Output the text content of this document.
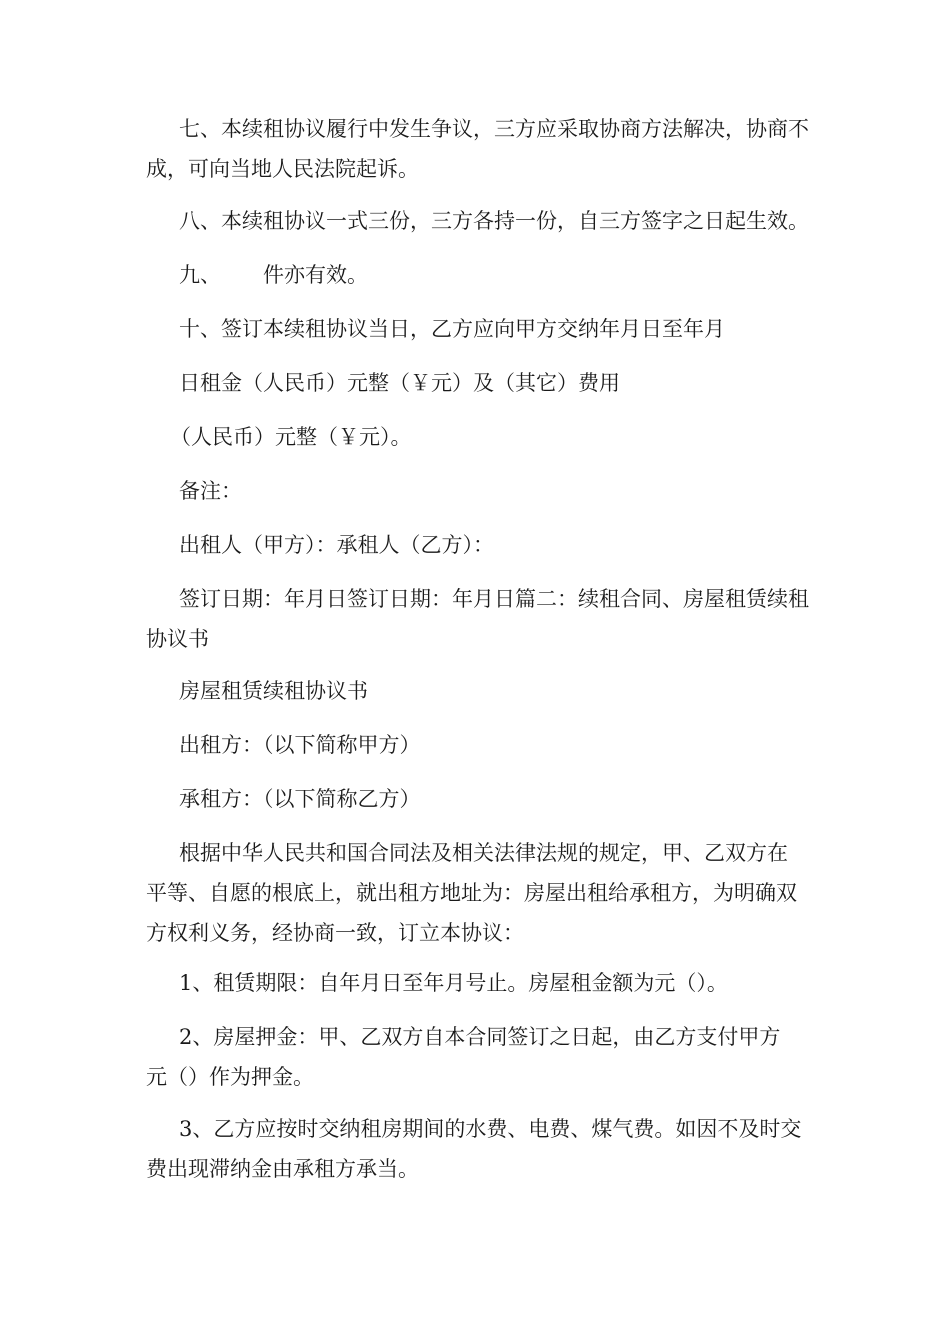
七、本续租协议履行中发生争议，三方应采取协商方法解决，协商不成，可向当地人民法院起诉。

八、本续租协议一式三份，三方各持一份，自三方签字之日起生效。

九、 件亦有效。

十、签订本续租协议当日，乙方应向甲方交纳年月日至年月

日租金（人民币）元整（￥元）及（其它）费用

（人民币）元整（￥元）。

备注：

出租人（甲方）：承租人（乙方）：

签订日期：年月日签订日期：年月日篇二：续租合同、房屋租赁续租协议书

房屋租赁续租协议书

出租方：（以下简称甲方）

承租方：（以下简称乙方）

根据中华人民共和国合同法及相关法律法规的规定，甲、乙双方在平等、自愿的根底上，就出租方地址为：房屋出租给承租方，为明确双方权利义务，经协商一致，订立本协议：

1、租赁期限：自年月日至年月号止。房屋租金额为元（）。

2、房屋押金：甲、乙双方自本合同签订之日起，由乙方支付甲方元（）作为押金。

3、乙方应按时交纳租房期间的水费、电费、煤气费。如因不及时交费出现滞纳金由承租方承当。
